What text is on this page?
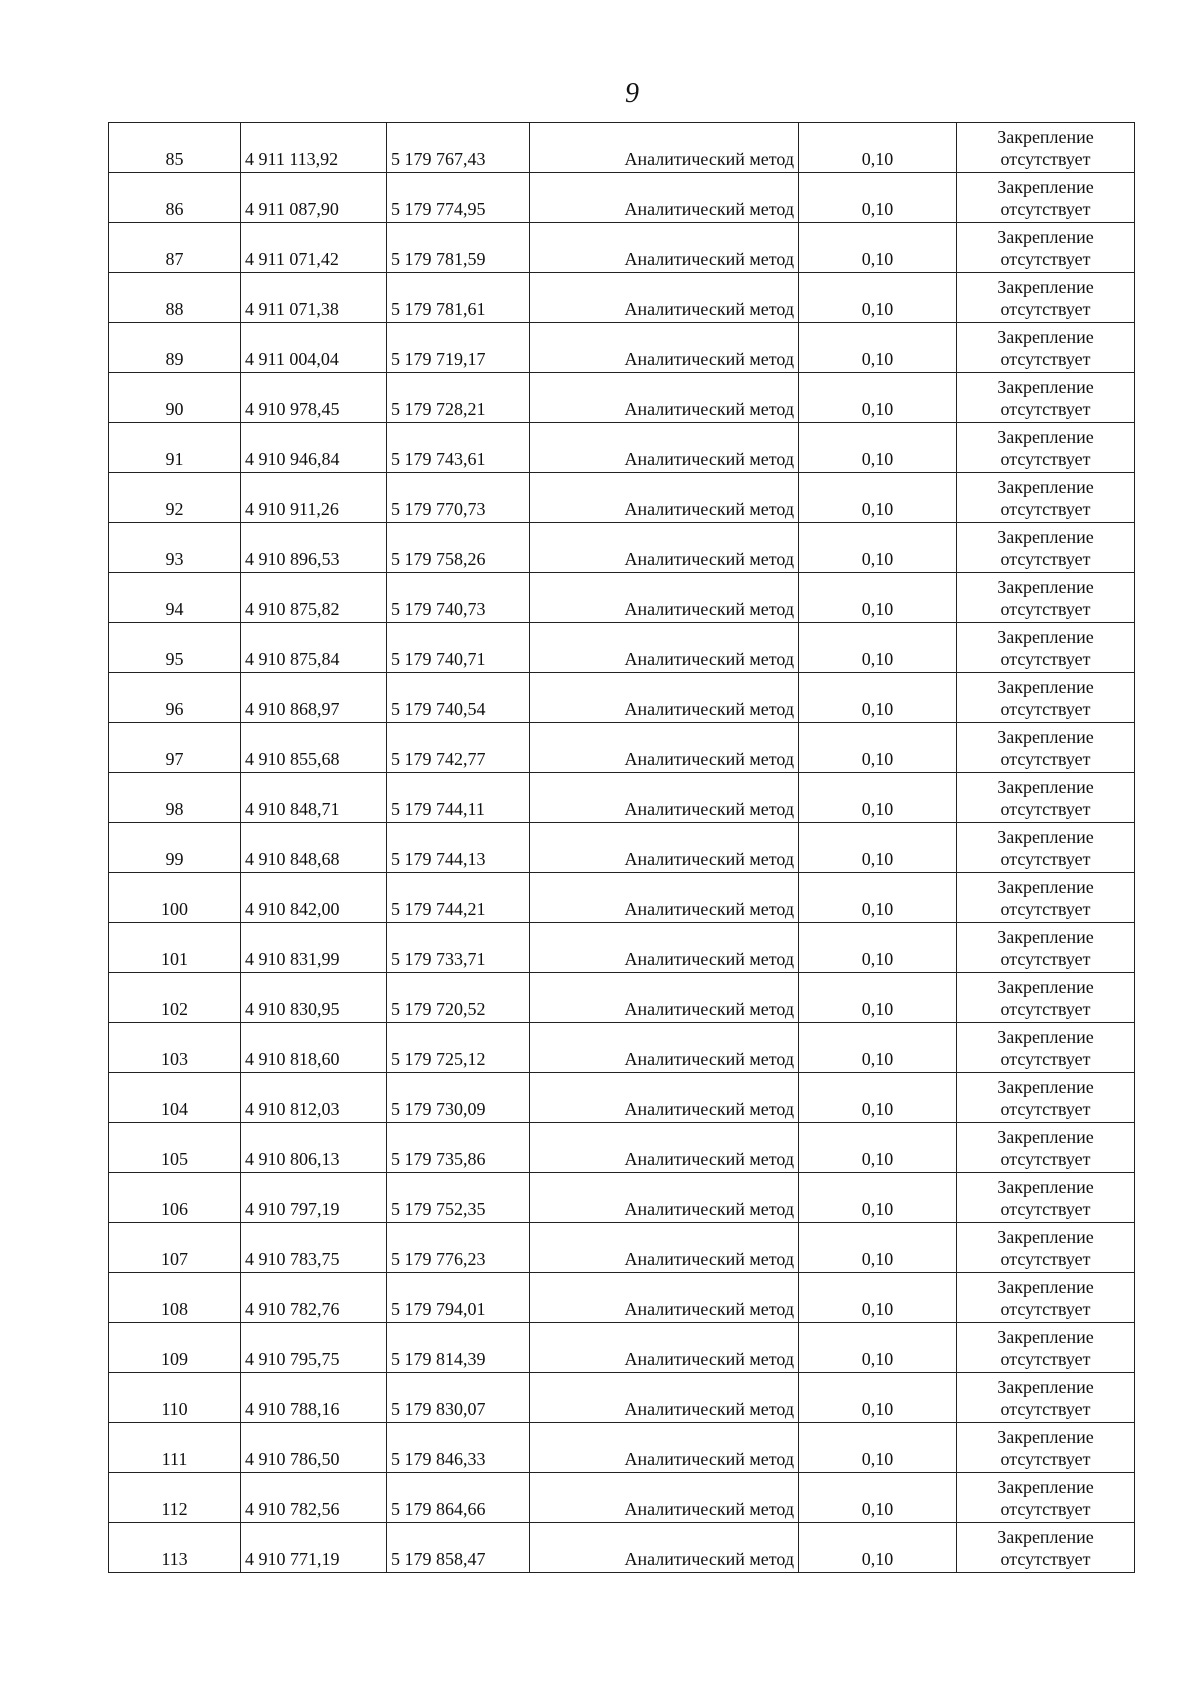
9
85	4 911 113,92	5 179 767,43	Аналитический метод	0,10	Закрепление
отсутствует

86	4 911 087,90	5 179 774,95	Аналитический метод	0,10	Закрепление
отсутствует

87	4 911 071,42	5 179 781,59	Аналитический метод	0,10	Закрепление
отсутствует

88	4 911 071,38	5 179 781,61	Аналитический метод	0,10	Закрепление
отсутствует

89	4 911 004,04	5 179 719,17	Аналитический метод	0,10	Закрепление
отсутствует

90	4 910 978,45	5 179 728,21	Аналитический метод	0,10	Закрепление
отсутствует

91	4 910 946,84	5 179 743,61	Аналитический метод	0,10	Закрепление
отсутствует

92	4 910 911,26	5 179 770,73	Аналитический метод	0,10	Закрепление
отсутствует

93	4 910 896,53	5 179 758,26	Аналитический метод	0,10	Закрепление
отсутствует

94	4 910 875,82	5 179 740,73	Аналитический метод	0,10	Закрепление
отсутствует

95	4 910 875,84	5 179 740,71	Аналитический метод	0,10	Закрепление
отсутствует

96	4 910 868,97	5 179 740,54	Аналитический метод	0,10	Закрепление
отсутствует

97	4 910 855,68	5 179 742,77	Аналитический метод	0,10	Закрепление
отсутствует

98	4 910 848,71	5 179 744,11	Аналитический метод	0,10	Закрепление
отсутствует

99	4 910 848,68	5 179 744,13	Аналитический метод	0,10	Закрепление
отсутствует

100	4 910 842,00	5 179 744,21	Аналитический метод	0,10	Закрепление
отсутствует

101	4 910 831,99	5 179 733,71	Аналитический метод	0,10	Закрепление
отсутствует

102	4 910 830,95	5 179 720,52	Аналитический метод	0,10	Закрепление
отсутствует

103	4 910 818,60	5 179 725,12	Аналитический метод	0,10	Закрепление
отсутствует

104	4 910 812,03	5 179 730,09	Аналитический метод	0,10	Закрепление
отсутствует

105	4 910 806,13	5 179 735,86	Аналитический метод	0,10	Закрепление
отсутствует

106	4 910 797,19	5 179 752,35	Аналитический метод	0,10	Закрепление
отсутствует

107	4 910 783,75	5 179 776,23	Аналитический метод	0,10	Закрепление
отсутствует

108	4 910 782,76	5 179 794,01	Аналитический метод	0,10	Закрепление
отсутствует

109	4 910 795,75	5 179 814,39	Аналитический метод	0,10	Закрепление
отсутствует

110	4 910 788,16	5 179 830,07	Аналитический метод	0,10	Закрепление
отсутствует

111	4 910 786,50	5 179 846,33	Аналитический метод	0,10	Закрепление
отсутствует

112	4 910 782,56	5 179 864,66	Аналитический метод	0,10	Закрепление
отсутствует

113	4 910 771,19	5 179 858,47	Аналитический метод	0,10	Закрепление
отсутствует
